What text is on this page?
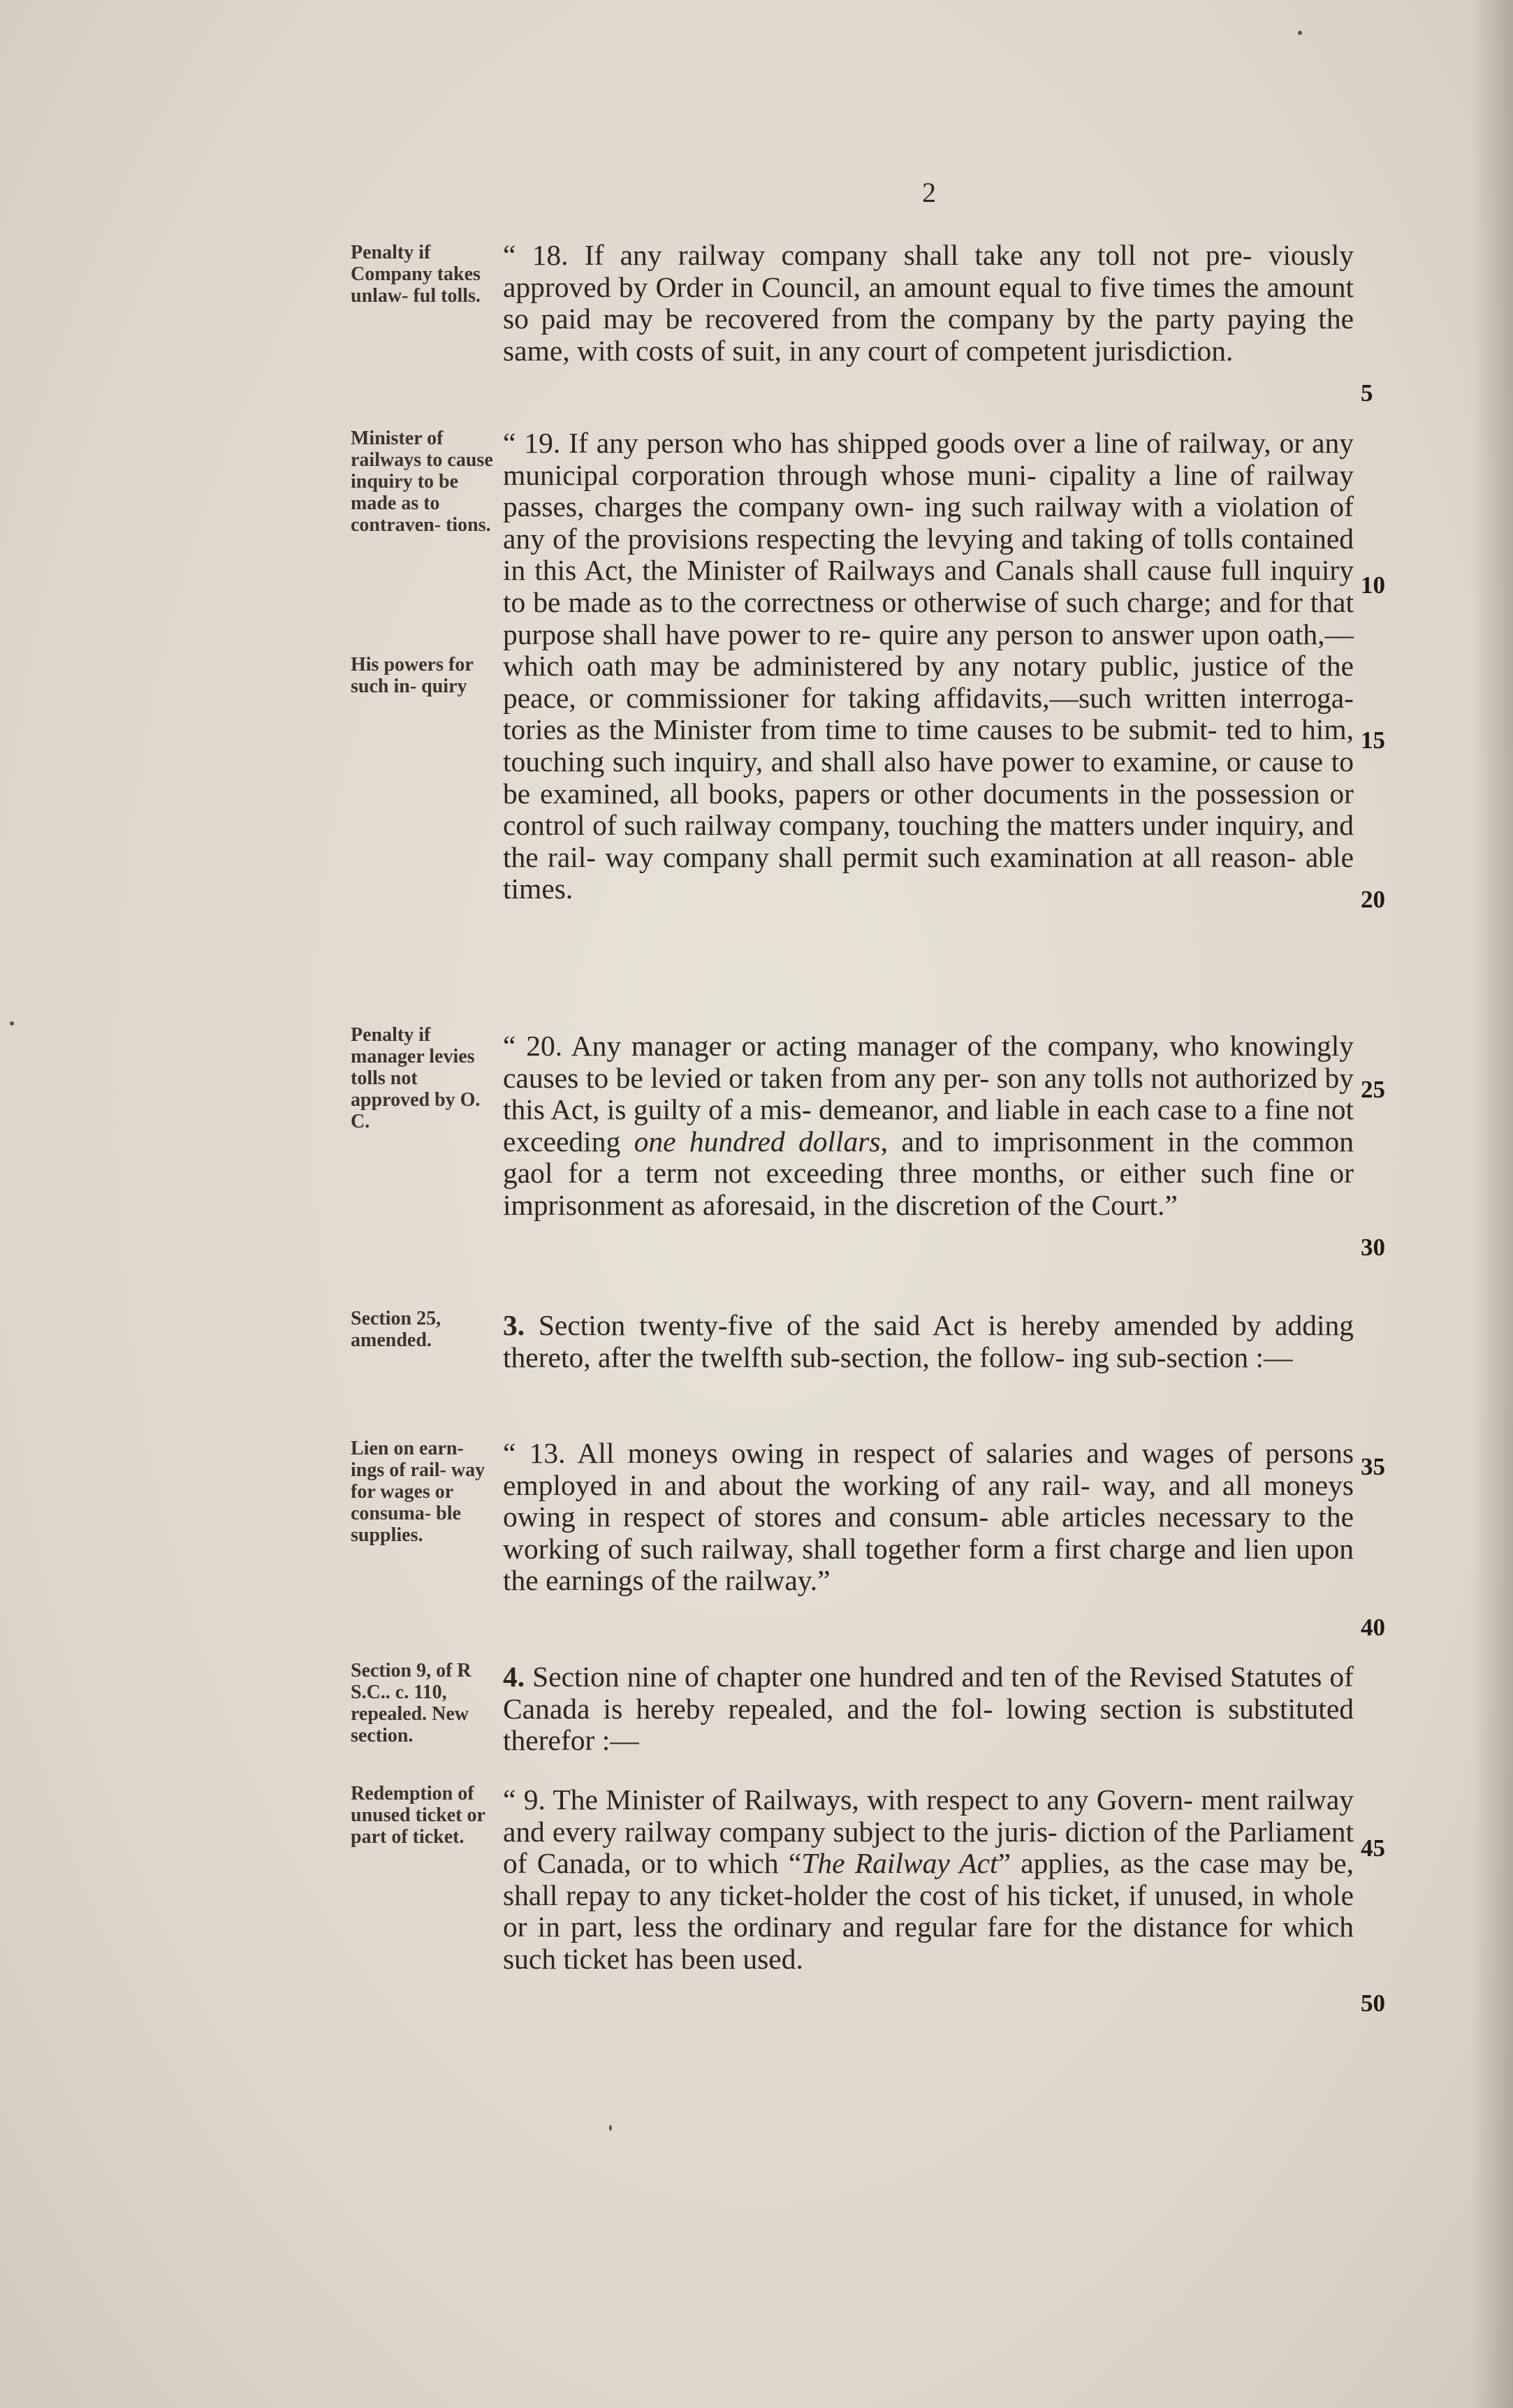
2
Penalty if Company takes unlaw- ful tolls.

“ 18. If any railway company shall take any toll not pre- viously approved by Order in Council, an amount equal to five times the amount so paid may be recovered from the company by the party paying the same, with costs of suit, in any court of competent jurisdiction.

Minister of railways to cause inquiry to be made as to contraven- tions.
His powers for such in- quiry

“ 19. If any person who has shipped goods over a line of railway, or any municipal corporation through whose muni- cipality a line of railway passes, charges the company own- ing such railway with a violation of any of the provisions respecting the levying and taking of tolls contained in this Act, the Minister of Railways and Canals shall cause full inquiry to be made as to the correctness or otherwise of such charge; and for that purpose shall have power to re- quire any person to answer upon oath,—which oath may be administered by any notary public, justice of the peace, or commissioner for taking affidavits,—such written interroga- tories as the Minister from time to time causes to be submit- ted to him, touching such inquiry, and shall also have power to examine, or cause to be examined, all books, papers or other documents in the possession or control of such railway company, touching the matters under inquiry, and the rail- way company shall permit such examination at all reason- able times.

Penalty if manager levies tolls not approved by O. C.

“ 20. Any manager or acting manager of the company, who knowingly causes to be levied or taken from any per- son any tolls not authorized by this Act, is guilty of a mis- demeanor, and liable in each case to a fine not exceeding one hundred dollars, and to imprisonment in the common gaol for a term not exceeding three months, or either such fine or imprisonment as aforesaid, in the discretion of the Court.”

Section 25, amended.	3. Section twenty-five of the said Act is hereby amended by adding thereto, after the twelfth sub-section, the follow- ing sub-section :—

Lien on earn- ings of rail- way for wages or consuma- ble supplies.

“ 13. All moneys owing in respect of salaries and wages of persons employed in and about the working of any rail- way, and all moneys owing in respect of stores and consum- able articles necessary to the working of such railway, shall together form a first charge and lien upon the earnings of the railway.”

Section 9, of R S.C.. c. 110, repealed. New section.

4. Section nine of chapter one hundred and ten of the Revised Statutes of Canada is hereby repealed, and the fol- lowing section is substituted therefor :—

Redemption of unused ticket or part of ticket.

“ 9. The Minister of Railways, with respect to any Govern- ment railway and every railway company subject to the juris- diction of the Parliament of Canada, or to which “The Railway Act” applies, as the case may be, shall repay to any ticket-holder the cost of his ticket, if unused, in whole or in part, less the ordinary and regular fare for the distance for which such ticket has been used.

5
10
15
20
25
30
35
40
45
50
